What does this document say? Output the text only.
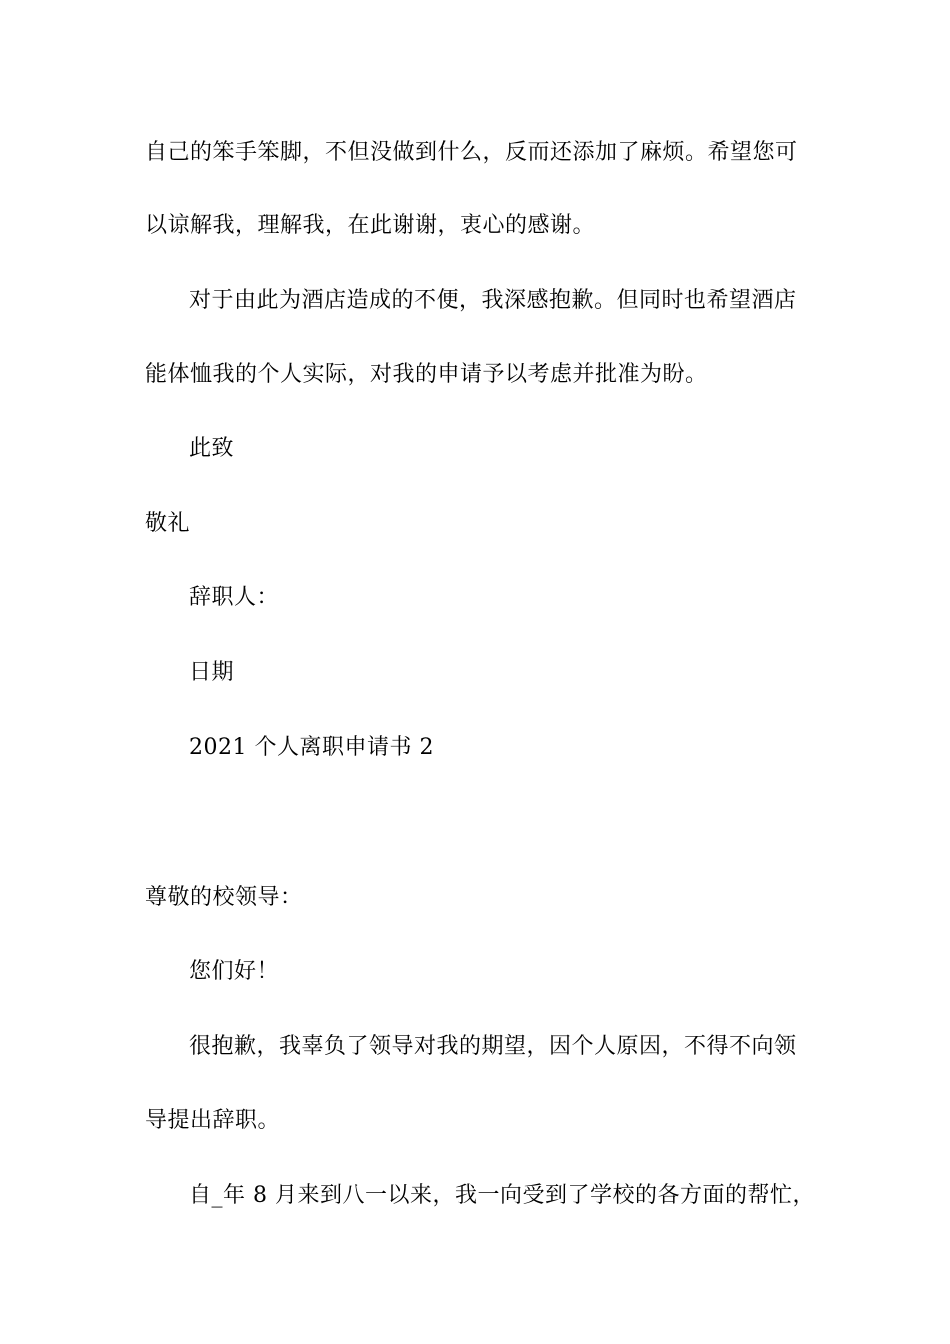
自己的笨手笨脚，不但没做到什么，反而还添加了麻烦。希望您可
以谅解我，理解我，在此谢谢，衷心的感谢。
对于由此为酒店造成的不便，我深感抱歉。但同时也希望酒店
能体恤我的个人实际，对我的申请予以考虑并批准为盼。
此致
敬礼
辞职人：
日期
2021 个人离职申请书 2
尊敬的校领导：
您们好！
很抱歉，我辜负了领导对我的期望，因个人原因，不得不向领
导提出辞职。
自_年 8 月来到八一以来，我一向受到了学校的各方面的帮忙，
